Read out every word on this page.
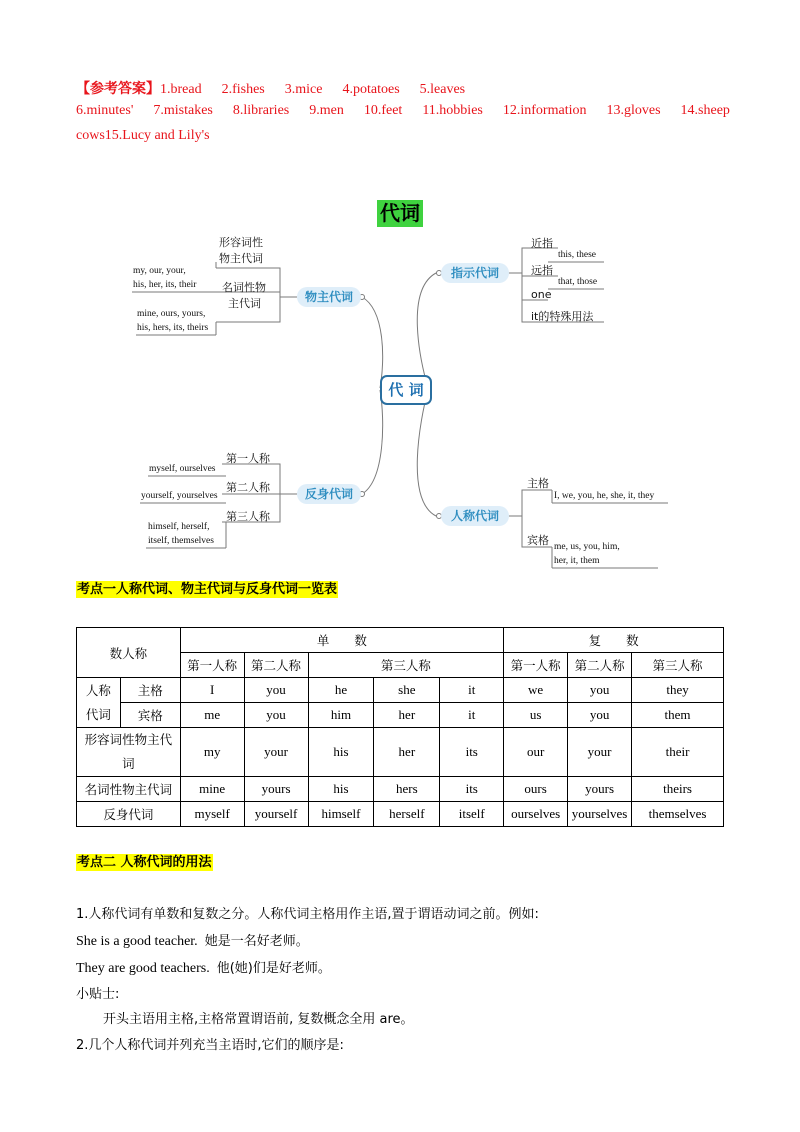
【参考答案】1.bread 2.fishes 3.mice 4.potatoes 5.leaves
6.minutes' 7.mistakes 8.libraries 9.men 10.feet 11.hobbies 12.information 13.gloves 14.sheep
cows15.Lucy and Lily's
代词
代 词
物主代词
形容词性
物主代词
my, our, your,
his, her, its, their 名词性物
主代词
mine, ours, yours,
his, hers, its, theirs
指示代词
近指
this, these
远指
that, those
one
it的特殊用法
反身代词
第一人称
myself, ourselves
第二人称
yourself, yourselves
第三人称
himself, herself,
itself, themselves
人称代词
主格
I, we, you, he, she, it, they
宾格 me, us, you, him,
her, it, them
考点一人称代词、物主代词与反身代词一览表
数人称		单　　数					复　　数		
		第一人称	第二人称	第三人称			第一人称	第二人称	第三人称

人称
代词	主格	I	you	he	she	it	we	you	they
	宾格	me	you	him	her	it	us	you	them
形容词性物主代词		my	your	his	her	its	our	your	their
名词性物主代词		mine	yours	his	hers	its	ours	yours	theirs
反身代词		myself	yourself	himself	herself	itself	ourselves	yourselves	themselves
考点二 人称代词的用法
1.人称代词有单数和复数之分。人称代词主格用作主语,置于谓语动词之前。例如:
She is a good teacher. 她是一名好老师。
They are good teachers. 他(她)们是好老师。
小贴士:
开头主语用主格,主格常置谓语前, 复数概念全用 are。
2.几个人称代词并列充当主语时,它们的顺序是:
